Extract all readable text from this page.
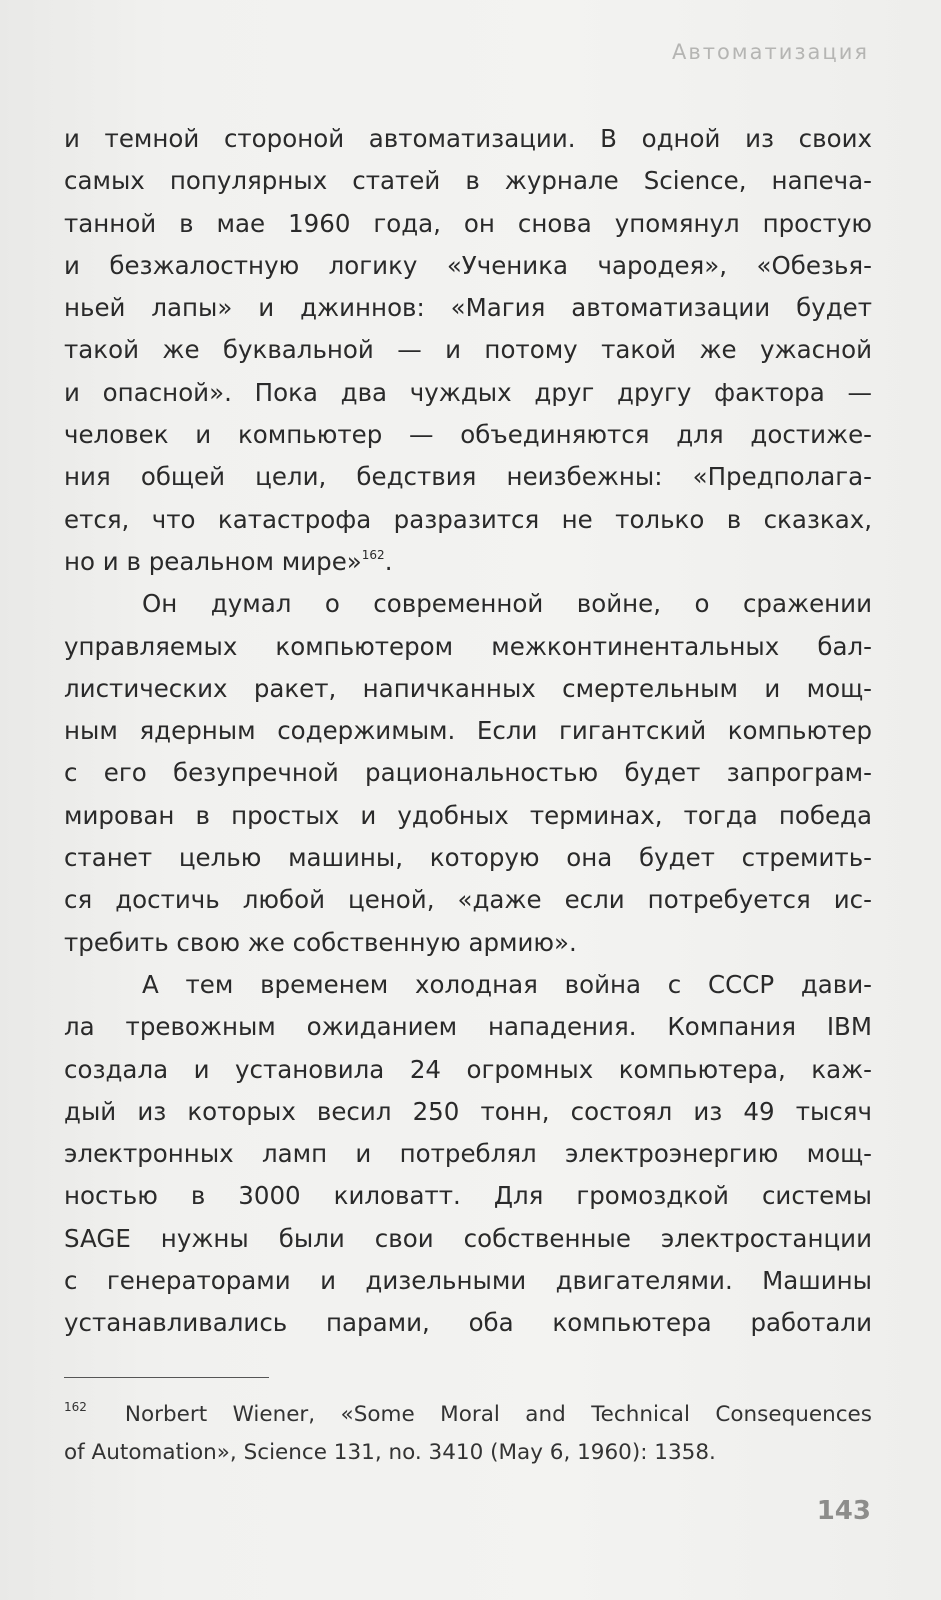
Автоматизация
и темной стороной автоматизации. В одной из своих
самых популярных статей в журнале Science, напеча-
танной в мае 1960 года, он снова упомянул простую
и безжалостную логику «Ученика чародея», «Обезья-
ньей лапы» и джиннов: «Магия автоматизации будет
такой же буквальной — и потому такой же ужасной
и опасной». Пока два чуждых друг другу фактора —
человек и компьютер — объединяются для достиже-
ния общей цели, бедствия неизбежны: «Предполага-
ется, что катастрофа разразится не только в сказках,
но и в реальном мире»$^{162}$.
Он думал о современной войне, о сражении
управляемых компьютером межконтинентальных бал-
листических ракет, напичканных смертельным и мощ-
ным ядерным содержимым. Если гигантский компьютер
с его безупречной рациональностью будет запрограм-
мирован в простых и удобных терминах, тогда победа
станет целью машины, которую она будет стремить-
ся достичь любой ценой, «даже если потребуется ис-
требить свою же собственную армию».
А тем временем холодная война с СССР дави-
ла тревожным ожиданием нападения. Компания IBM
создала и установила 24 огромных компьютера, каж-
дый из которых весил 250 тонн, состоял из 49 тысяч
электронных ламп и потреблял электроэнергию мощ-
ностью в 3000 киловатт. Для громоздкой системы
SAGE нужны были свои собственные электростанции
с генераторами и дизельными двигателями. Машины
устанавливались парами, оба компьютера работали
$^{162}$ Norbert Wiener, «Some Moral and Technical Consequences
of Automation», Science 131, no. 3410 (May 6, 1960): 1358.
143
